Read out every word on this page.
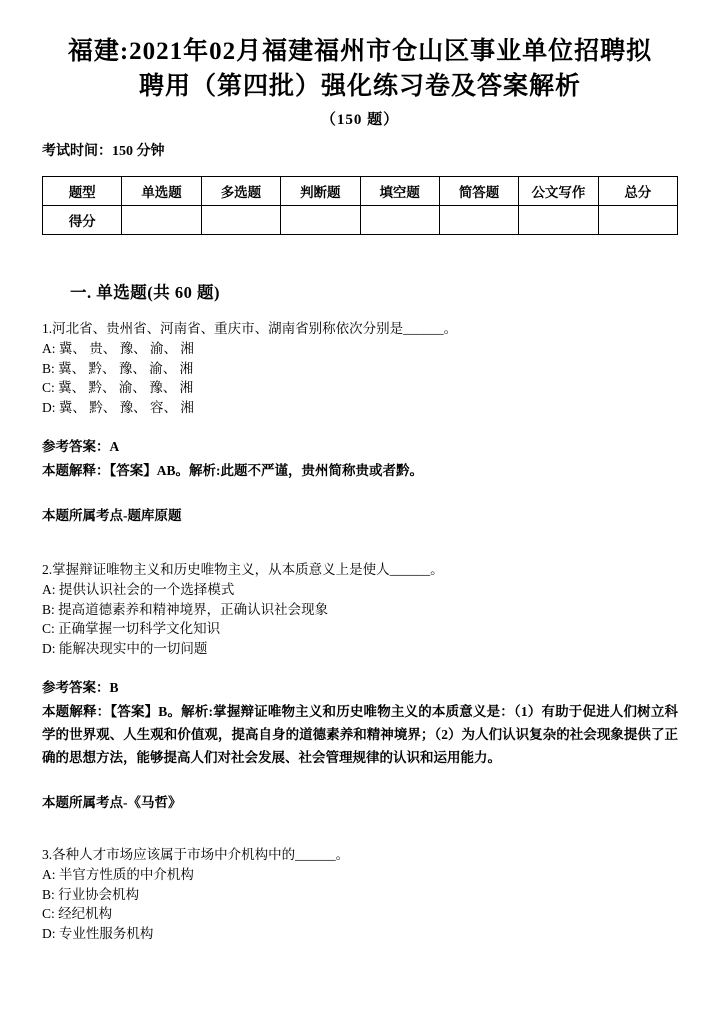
福建:2021年02月福建福州市仓山区事业单位招聘拟
聘用（第四批）强化练习卷及答案解析
（150 题）
考试时间：150 分钟
题型	单选题	多选题	判断题	填空题	简答题	公文写作	总分
得分							
一. 单选题(共 60 题)
1.河北省、贵州省、河南省、重庆市、湖南省别称依次分别是______。
A: 冀、 贵、 豫、 渝、 湘
B: 冀、 黔、 豫、 渝、 湘
C: 冀、 黔、 渝、 豫、 湘
D: 冀、 黔、 豫、 容、 湘
参考答案：A
本题解释：【答案】AB。解析:此题不严谨，贵州简称贵或者黔。
本题所属考点-题库原题
2.掌握辩证唯物主义和历史唯物主义，从本质意义上是使人______。
A: 提供认识社会的一个选择模式
B: 提高道德素养和精神境界，正确认识社会现象
C: 正确掌握一切科学文化知识
D: 能解决现实中的一切问题
参考答案：B
本题解释：【答案】B。解析:掌握辩证唯物主义和历史唯物主义的本质意义是：（1）有助于促进人们树立科学的世界观、人生观和价值观，提高自身的道德素养和精神境界；（2）为人们认识复杂的社会现象提供了正确的思想方法，能够提高人们对社会发展、社会管理规律的认识和运用能力。
本题所属考点-《马哲》
3.各种人才市场应该属于市场中介机构中的______。
A: 半官方性质的中介机构
B: 行业协会机构
C: 经纪机构
D: 专业性服务机构
